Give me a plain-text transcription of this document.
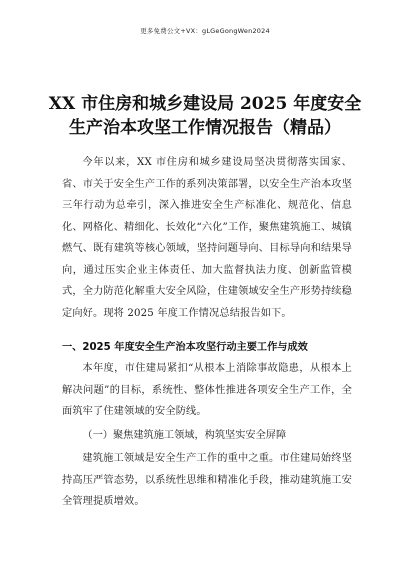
更多免费公文+VX：gLGeGongWen2024
XX 市住房和城乡建设局 2025 年度安全
生产治本攻坚工作情况报告（精品）
今年以来，XX 市住房和城乡建设局坚决贯彻落实国家、省、市关于安全生产工作的系列决策部署，以安全生产治本攻坚三年行动为总牵引，深入推进安全生产标准化、规范化、信息化、网格化、精细化、长效化“六化”工作，聚焦建筑施工、城镇燃气、既有建筑等核心领域，坚持问题导向、目标导向和结果导向，通过压实企业主体责任、加大监督执法力度、创新监管模式，全力防范化解重大安全风险，住建领域安全生产形势持续稳定向好。现将 2025 年度工作情况总结报告如下。
一、2025 年度安全生产治本攻坚行动主要工作与成效
本年度，市住建局紧扣“从根本上消除事故隐患，从根本上解决问题”的目标，系统性、整体性推进各项安全生产工作，全面筑牢了住建领域的安全防线。
（一）聚焦建筑施工领域，构筑坚实安全屏障
建筑施工领域是安全生产工作的重中之重。市住建局始终坚持高压严管态势，以系统性思维和精准化手段，推动建筑施工安全管理提质增效。
